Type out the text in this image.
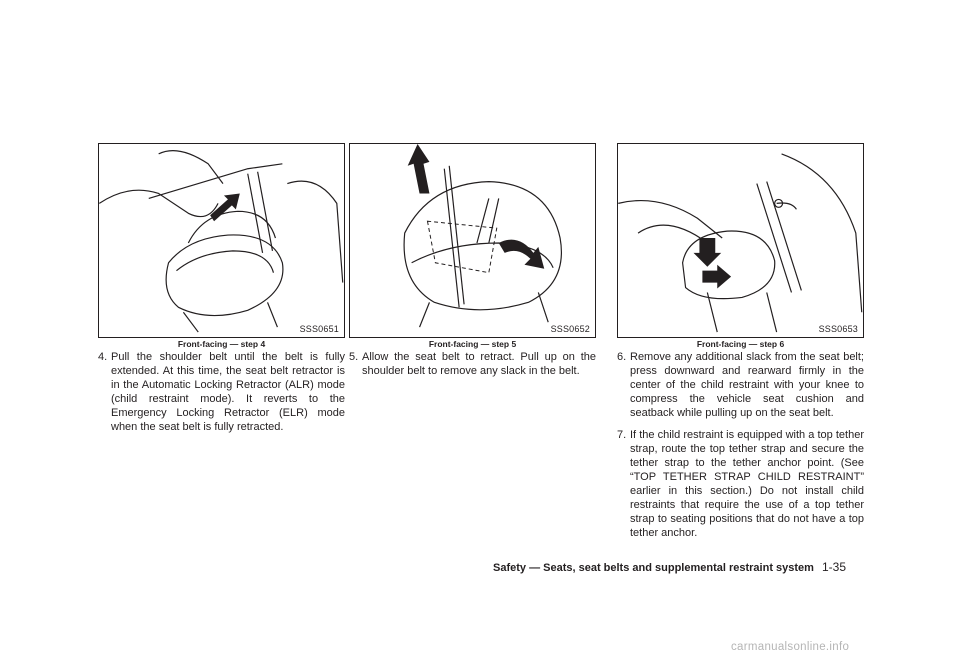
SSS0651
Front-facing — step 4
SSS0652
Front-facing — step 5
SSS0653
Front-facing — step 6
4. Pull the shoulder belt until the belt is fully extended. At this time, the seat belt retractor is in the Automatic Locking Retractor (ALR) mode (child restraint mode). It reverts to the Emergency Locking Retractor (ELR) mode when the seat belt is fully retracted.
5. Allow the seat belt to retract. Pull up on the shoulder belt to remove any slack in the belt.
6. Remove any additional slack from the seat belt; press downward and rearward firmly in the center of the child restraint with your knee to compress the vehicle seat cushion and seatback while pulling up on the seat belt.
7. If the child restraint is equipped with a top tether strap, route the top tether strap and secure the tether strap to the tether anchor point. (See “TOP TETHER STRAP CHILD RESTRAINT” earlier in this section.) Do not install child restraints that require the use of a top tether strap to seating positions that do not have a top tether anchor.
Safety — Seats, seat belts and supplemental restraint system 1-35
carmanualsonline.info
